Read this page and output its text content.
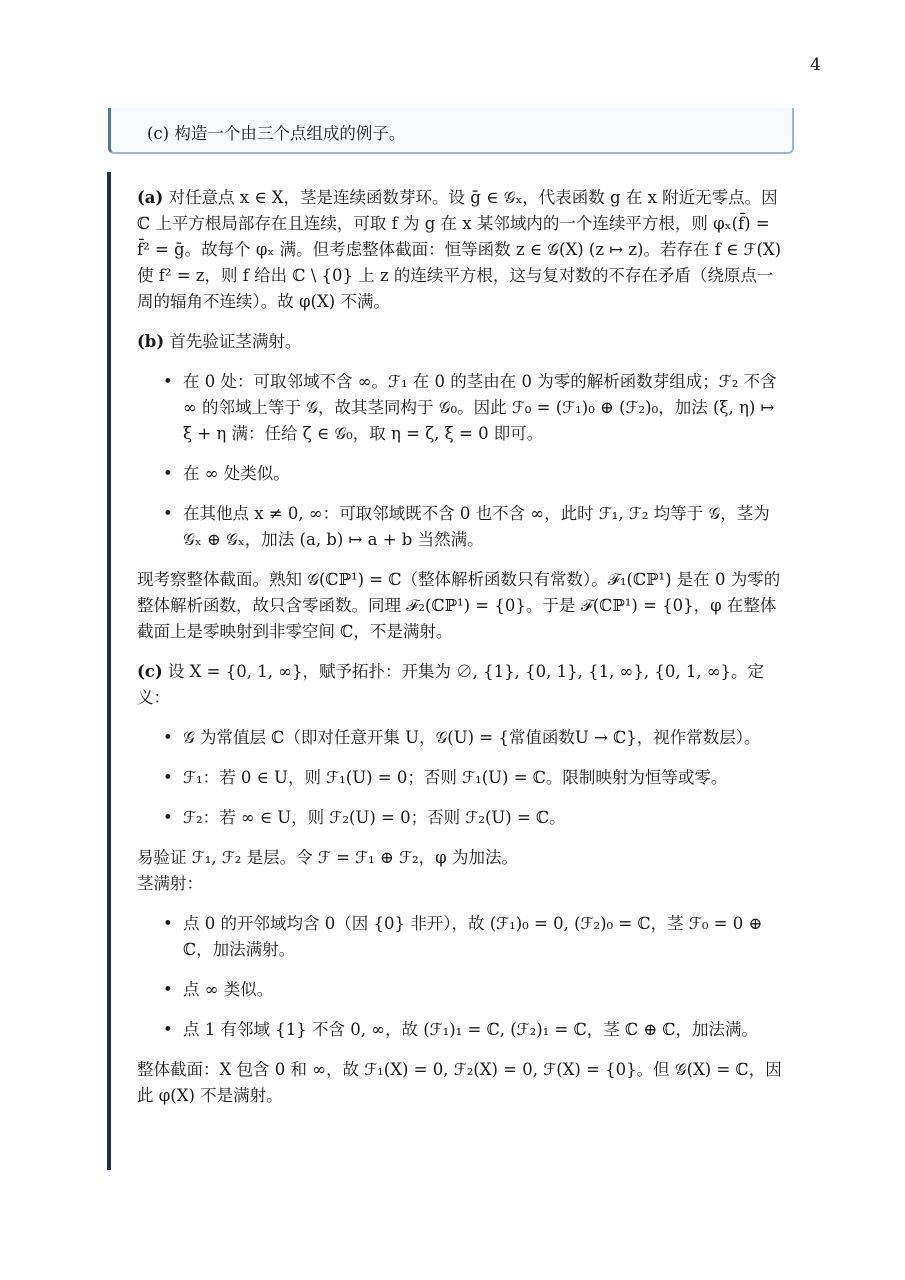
4
(c) 构造一个由三个点组成的例子。

(a) 对任意点 x ∈ X，茎是连续函数芽环。设 ḡ ∈ 𝒢ₓ，代表函数 g 在 x 附近无零点。因 ℂ 上平方根局部存在且连续，可取 f 为 g 在 x 某邻域内的一个连续平方根，则 φₓ(f̄) = f̄² = ḡ。故每个 φₓ 满。但考虑整体截面：恒等函数 z ∈ 𝒢(X) (z ↦ z)。若存在 f ∈ ℱ(X) 使 f² = z，则 f 给出 ℂ \ {0} 上 z 的连续平方根，这与复对数的不存在矛盾（绕原点一周的辐角不连续）。故 φ(X) 不满。

(b) 首先验证茎满射。

• 在 0 处：可取邻域不含 ∞。ℱ₁ 在 0 的茎由在 0 为零的解析函数芽组成；ℱ₂ 不含 ∞ 的邻域上等于 𝒢，故其茎同构于 𝒢₀。因此 ℱ₀ = (ℱ₁)₀ ⊕ (ℱ₂)₀，加法 (ξ, η) ↦ ξ + η 满：任给 ζ ∈ 𝒢₀，取 η = ζ, ξ = 0 即可。
• 在 ∞ 处类似。
• 在其他点 x ≠ 0, ∞：可取邻域既不含 0 也不含 ∞，此时 ℱ₁, ℱ₂ 均等于 𝒢，茎为 𝒢ₓ ⊕ 𝒢ₓ，加法 (a, b) ↦ a + b 当然满。

现考察整体截面。熟知 𝒢(ℂℙ¹) = ℂ（整体解析函数只有常数）。ℱ₁(ℂℙ¹) 是在 0 为零的整体解析函数，故只含零函数。同理 ℱ₂(ℂℙ¹) = {0}。于是 ℱ(ℂℙ¹) = {0}，φ 在整体截面上是零映射到非零空间 ℂ，不是满射。

(c) 设 X = {0, 1, ∞}，赋予拓扑：开集为 ∅, {1}, {0, 1}, {1, ∞}, {0, 1, ∞}。定义：

• 𝒢 为常值层 ℂ（即对任意开集 U，𝒢(U) = {常值函数U → ℂ}，视作常数层）。
• ℱ₁：若 0 ∈ U，则 ℱ₁(U) = 0；否则 ℱ₁(U) = ℂ。限制映射为恒等或零。
• ℱ₂：若 ∞ ∈ U，则 ℱ₂(U) = 0；否则 ℱ₂(U) = ℂ。

易验证 ℱ₁, ℱ₂ 是层。令 ℱ = ℱ₁ ⊕ ℱ₂，φ 为加法。

茎满射：

• 点 0 的开邻域均含 0（因 {0} 非开），故 (ℱ₁)₀ = 0, (ℱ₂)₀ = ℂ，茎 ℱ₀ = 0 ⊕ ℂ，加法满射。
• 点 ∞ 类似。
• 点 1 有邻域 {1} 不含 0, ∞，故 (ℱ₁)₁ = ℂ, (ℱ₂)₁ = ℂ，茎 ℂ ⊕ ℂ，加法满。

整体截面：X 包含 0 和 ∞，故 ℱ₁(X) = 0, ℱ₂(X) = 0, ℱ(X) = {0}。但 𝒢(X) = ℂ，因此 φ(X) 不是满射。
